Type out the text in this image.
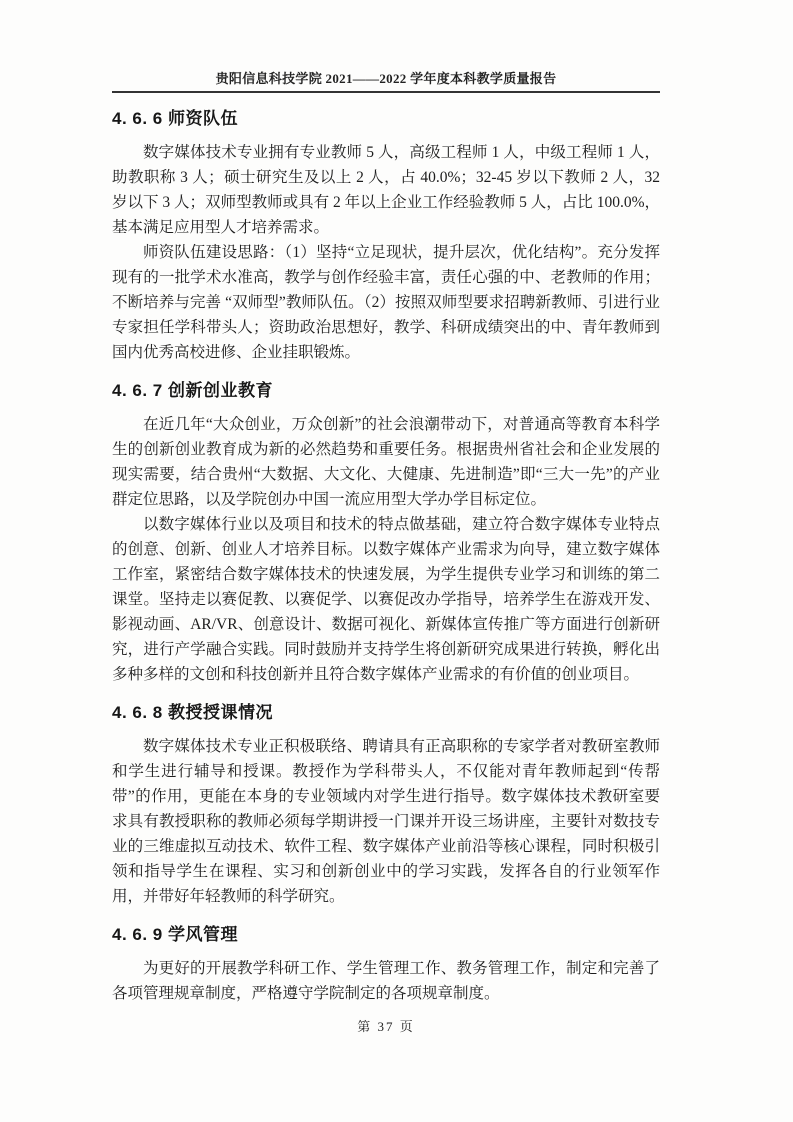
贵阳信息科技学院 2021——2022 学年度本科教学质量报告
4. 6. 6 师资队伍

数字媒体技术专业拥有专业教师 5 人，高级工程师 1 人，中级工程师 1 人，助教职称 3 人；硕士研究生及以上 2 人，占 40.0%；32-45 岁以下教师 2 人，32 岁以下 3 人；双师型教师或具有 2 年以上企业工作经验教师 5 人，占比 100.0%，基本满足应用型人才培养需求。

师资队伍建设思路：（1）坚持“立足现状，提升层次，优化结构”。充分发挥现有的一批学术水准高，教学与创作经验丰富，责任心强的中、老教师的作用；不断培养与完善 “双师型”教师队伍。（2）按照双师型要求招聘新教师、引进行业专家担任学科带头人；资助政治思想好，教学、科研成绩突出的中、青年教师到国内优秀高校进修、企业挂职锻炼。

4. 6. 7 创新创业教育

在近几年“大众创业，万众创新”的社会浪潮带动下，对普通高等教育本科学生的创新创业教育成为新的必然趋势和重要任务。根据贵州省社会和企业发展的现实需要，结合贵州“大数据、大文化、大健康、先进制造”即“三大一先”的产业群定位思路，以及学院创办中国一流应用型大学办学目标定位。

以数字媒体行业以及项目和技术的特点做基础，建立符合数字媒体专业特点的创意、创新、创业人才培养目标。以数字媒体产业需求为向导，建立数字媒体工作室，紧密结合数字媒体技术的快速发展，为学生提供专业学习和训练的第二课堂。坚持走以赛促教、以赛促学、以赛促改办学指导，培养学生在游戏开发、影视动画、AR/VR、创意设计、数据可视化、新媒体宣传推广等方面进行创新研究，进行产学融合实践。同时鼓励并支持学生将创新研究成果进行转换，孵化出多种多样的文创和科技创新并且符合数字媒体产业需求的有价值的创业项目。

4. 6. 8 教授授课情况

数字媒体技术专业正积极联络、聘请具有正高职称的专家学者对教研室教师和学生进行辅导和授课。教授作为学科带头人，不仅能对青年教师起到“传帮带”的作用，更能在本身的专业领域内对学生进行指导。数字媒体技术教研室要求具有教授职称的教师必须每学期讲授一门课并开设三场讲座，主要针对数技专业的三维虚拟互动技术、软件工程、数字媒体产业前沿等核心课程，同时积极引领和指导学生在课程、实习和创新创业中的学习实践，发挥各自的行业领军作用，并带好年轻教师的科学研究。

4. 6. 9 学风管理

为更好的开展教学科研工作、学生管理工作、教务管理工作，制定和完善了各项管理规章制度，严格遵守学院制定的各项规章制度。

第 37 页
